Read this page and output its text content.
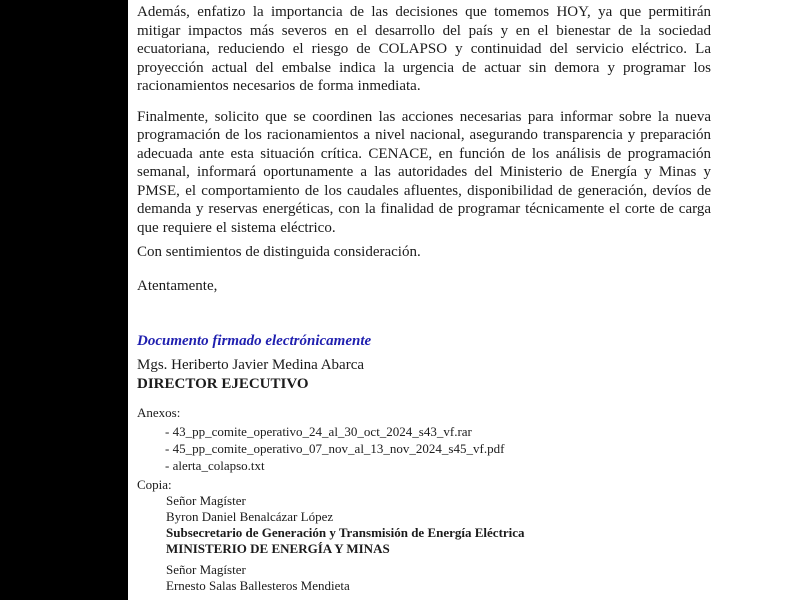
Además, enfatizo la importancia de las decisiones que tomemos HOY, ya que permitirán mitigar impactos más severos en el desarrollo del país y en el bienestar de la sociedad ecuatoriana, reduciendo el riesgo de COLAPSO y continuidad del servicio eléctrico. La proyección actual del embalse indica la urgencia de actuar sin demora y programar los racionamientos necesarios de forma inmediata.

Finalmente, solicito que se coordinen las acciones necesarias para informar sobre la nueva programación de los racionamientos a nivel nacional, asegurando transparencia y preparación adecuada ante esta situación crítica. CENACE, en función de los análisis de programación semanal, informará oportunamente a las autoridades del Ministerio de Energía y Minas y PMSE, el comportamiento de los caudales afluentes, disponibilidad de generación, devíos de demanda y reservas energéticas, con la finalidad de programar técnicamente el corte de carga que requiere el sistema eléctrico.

Con sentimientos de distinguida consideración.

Atentamente,

Documento firmado electrónicamente

Mgs. Heriberto Javier Medina Abarca

DIRECTOR EJECUTIVO

Anexos:

- 43_pp_comite_operativo_24_al_30_oct_2024_s43_vf.rar

- 45_pp_comite_operativo_07_nov_al_13_nov_2024_s45_vf.pdf

- alerta_colapso.txt

Copia:

Señor Magíster

Byron Daniel Benalcázar López

Subsecretario de Generación y Transmisión de Energía Eléctrica

MINISTERIO DE ENERGÍA Y MINAS

Señor Magíster

Ernesto Salas Ballesteros Mendieta
